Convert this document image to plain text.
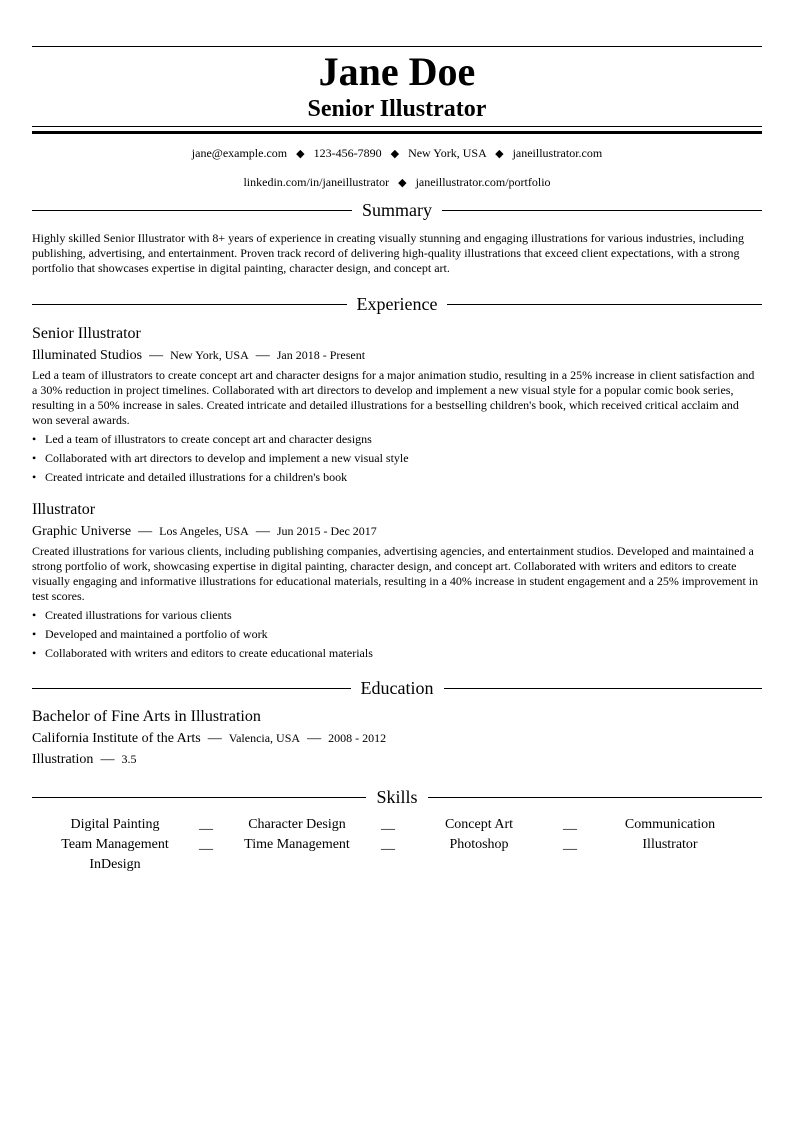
Jane Doe
Senior Illustrator
jane@example.com ◆ 123-456-7890 ◆ New York, USA ◆ janeillustrator.com
linkedin.com/in/janeillustrator ◆ janeillustrator.com/portfolio
Summary
Highly skilled Senior Illustrator with 8+ years of experience in creating visually stunning and engaging illustrations for various industries, including publishing, advertising, and entertainment. Proven track record of delivering high-quality illustrations that exceed client expectations, with a strong portfolio that showcases expertise in digital painting, character design, and concept art.
Experience
Senior Illustrator
Illuminated Studios — New York, USA — Jan 2018 - Present
Led a team of illustrators to create concept art and character designs for a major animation studio, resulting in a 25% increase in client satisfaction and a 30% reduction in project timelines. Collaborated with art directors to develop and implement a new visual style for a popular comic book series, resulting in a 50% increase in sales. Created intricate and detailed illustrations for a bestselling children's book, which received critical acclaim and won several awards.
• Led a team of illustrators to create concept art and character designs
• Collaborated with art directors to develop and implement a new visual style
• Created intricate and detailed illustrations for a children's book
Illustrator
Graphic Universe — Los Angeles, USA — Jun 2015 - Dec 2017
Created illustrations for various clients, including publishing companies, advertising agencies, and entertainment studios. Developed and maintained a strong portfolio of work, showcasing expertise in digital painting, character design, and concept art. Collaborated with writers and editors to create visually engaging and informative illustrations for educational materials, resulting in a 40% increase in student engagement and a 25% improvement in test scores.
• Created illustrations for various clients
• Developed and maintained a portfolio of work
• Collaborated with writers and editors to create educational materials
Education
Bachelor of Fine Arts in Illustration
California Institute of the Arts — Valencia, USA — 2008 - 2012
Illustration — 3.5
Skills
Digital Painting	__	Character Design	__	Concept Art	__	Communication
Team Management	__	Time Management	__	Photoshop	__	Illustrator
InDesign
